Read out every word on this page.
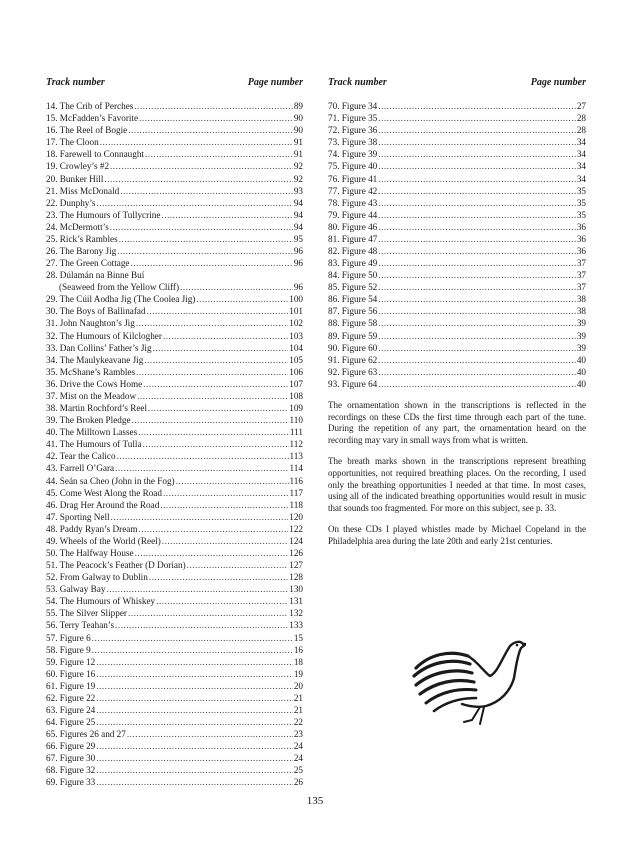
Track number	Page number
14. The Crib of Perches .....	89
15. McFadden’s Favorite .....	90
16. The Reel of Bogie .....	90
17. The Cloon .....	91
18. Farewell to Connaught .....	91
19. Crowley’s #2 .....	92
20. Bunker Hill .....	92
21. Miss McDonald .....	93
22. Dunphy’s .....	94
23. The Humours of Tullycrine .....	94
24. McDermott’s .....	94
25. Rick’s Rambles .....	95
26. The Barony Jig .....	96
27. The Green Cottage .....	96
28. Dúlamán na Binne Buí
(Seaweed from the Yellow Cliff) .....	96
29. The Cúil Aodha Jig (The Coolea Jig) .....	100
30. The Boys of Ballinafad .....	101
31. John Naughton’s Jig .....	102
32. The Humours of Kilclogher .....	103
33. Dan Collins’ Father’s Jig .....	104
34. The Maulykeavane Jig .....	105
35. McShane’s Rambles .....	106
36. Drive the Cows Home .....	107
37. Mist on the Meadow .....	108
38. Martin Rochford’s Reel .....	109
39. The Broken Pledge .....	110
40. The Milltown Lasses .....	111
41. The Humours of Tulla .....	112
42. Tear the Calico .....	113
43. Farrell O’Gara .....	114
44. Seán sa Cheo (John in the Fog) .....	116
45. Come West Along the Road .....	117
46. Drag Her Around the Road .....	118
47. Sporting Nell .....	120
48. Paddy Ryan’s Dream .....	122
49. Wheels of the World (Reel) .....	124
50. The Halfway House .....	126
51. The Peacock’s Feather (D Dorian) .....	127
52. From Galway to Dublin .....	128
53. Galway Bay .....	130
54. The Humours of Whiskey .....	131
55. The Silver Slipper .....	132
56. Terry Teahan’s .....	133
57. Figure 6 .....	15
58. Figure 9 .....	16
59. Figure 12 .....	18
60. Figure 16 .....	19
61. Figure 19 .....	20
62. Figure 22 .....	21
63. Figure 24 .....	21
64. Figure 25 .....	22
65. Figures 26 and 27 .....	23
66. Figure 29 .....	24
67. Figure 30 .....	24
68. Figure 32 .....	25
69. Figure 33 .....	26
Track number	Page number
70. Figure 34 .....	27
71. Figure 35 .....	28
72. Figure 36 .....	28
73. Figure 38 .....	34
74. Figure 39 .....	34
75. Figure 40 .....	34
76. Figure 41 .....	34
77. Figure 42 .....	35
78. Figure 43 .....	35
79. Figure 44 .....	35
80. Figure 46 .....	36
81. Figure 47 .....	36
82. Figure 48 .....	36
83. Figure 49 .....	37
84. Figure 50 .....	37
85. Figure 52 .....	37
86. Figure 54 .....	38
87. Figure 56 .....	38
88. Figure 58 .....	39
89. Figure 59 .....	39
90. Figure 60 .....	39
91. Figure 62 .....	40
92. Figure 63 .....	40
93. Figure 64 .....	40

The ornamentation shown in the transcriptions is reflected in the recordings on these CDs the first time through each part of the tune. During the repetition of any part, the ornamentation heard on the recording may vary in small ways from what is written.

The breath marks shown in the transcriptions represent breathing opportunities, not required breathing places. On the recording, I used only the breathing opportunities I needed at that time. In most cases, using all of the indicated breathing opportunities would result in music that sounds too fragmented. For more on this subject, see p. 33.

On these CDs I played whistles made by Michael Copeland in the Philadelphia area during the late 20th and early 21st centuries.

135
